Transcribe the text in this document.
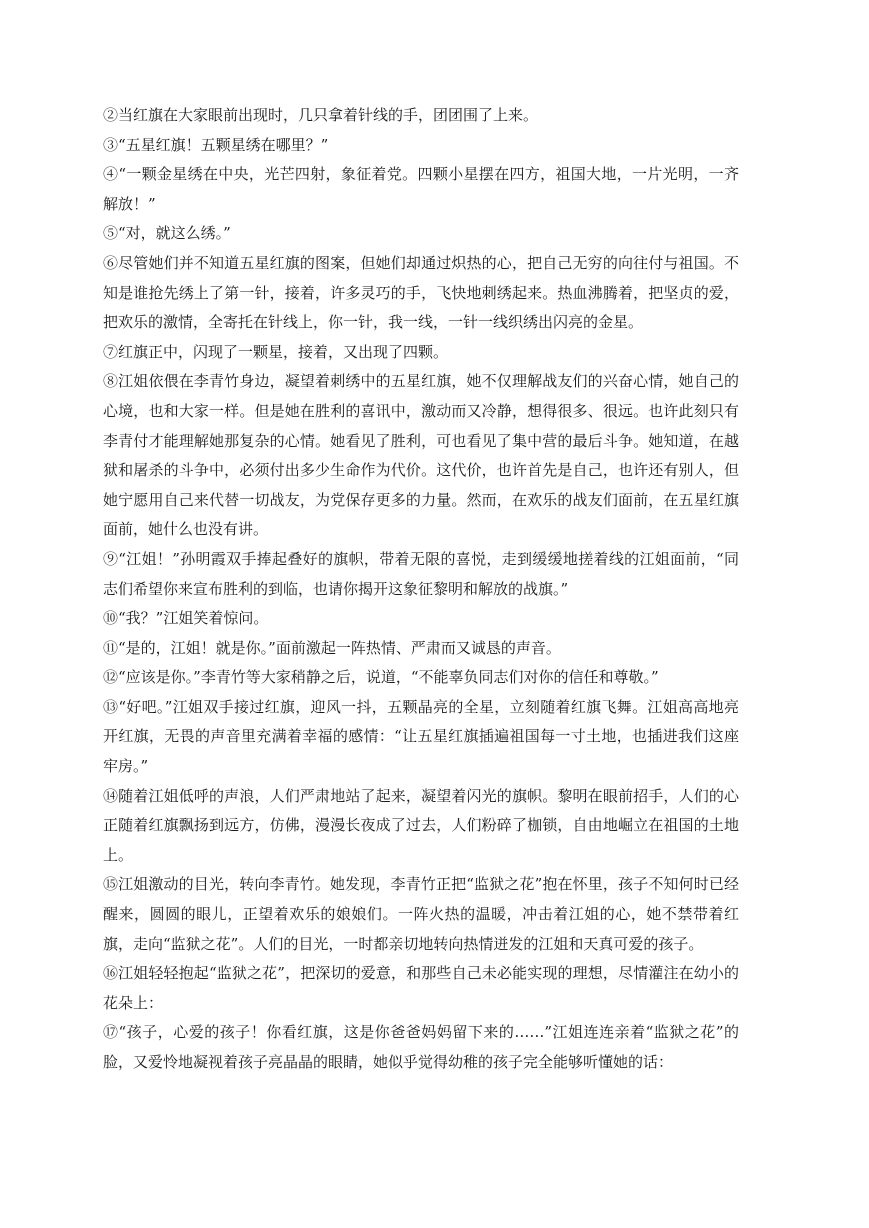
②当红旗在大家眼前出现时，几只拿着针线的手，团团围了上来。

③“五星红旗！五颗星绣在哪里？”

④“一颗金星绣在中央，光芒四射，象征着党。四颗小星摆在四方，祖国大地，一片光明，一齐解放！”

⑤“对，就这么绣。”

⑥尽管她们并不知道五星红旗的图案，但她们却通过炽热的心，把自己无穷的向往付与祖国。不知是谁抢先绣上了第一针，接着，许多灵巧的手，飞快地刺绣起来。热血沸腾着，把坚贞的爱，把欢乐的激情，全寄托在针线上，你一针，我一线，一针一线织绣出闪亮的金星。

⑦红旗正中，闪现了一颗星，接着，又出现了四颗。

⑧江姐依偎在李青竹身边，凝望着刺绣中的五星红旗，她不仅理解战友们的兴奋心情，她自己的心境，也和大家一样。但是她在胜利的喜讯中，激动而又冷静，想得很多、很远。也许此刻只有李青付才能理解她那复杂的心情。她看见了胜利，可也看见了集中营的最后斗争。她知道，在越狱和屠杀的斗争中，必须付出多少生命作为代价。这代价，也许首先是自己，也许还有别人，但她宁愿用自己来代替一切战友，为党保存更多的力量。然而，在欢乐的战友们面前，在五星红旗面前，她什么也没有讲。

⑨“江姐！”孙明霞双手捧起叠好的旗帜，带着无限的喜悦，走到缓缓地搓着线的江姐面前，“同志们希望你来宣布胜利的到临，也请你揭开这象征黎明和解放的战旗。”

⑩“我？”江姐笑着惊问。

⑪“是的，江姐！就是你。”面前激起一阵热情、严肃而又诚恳的声音。

⑫“应该是你。”李青竹等大家稍静之后，说道，“不能辜负同志们对你的信任和尊敬。”

⑬“好吧。”江姐双手接过红旗，迎风一抖，五颗晶亮的全星，立刻随着红旗飞舞。江姐高高地亮开红旗，无畏的声音里充满着幸福的感情：“让五星红旗插遍祖国每一寸土地，也插进我们这座牢房。”

⑭随着江姐低呼的声浪，人们严肃地站了起来，凝望着闪光的旗帜。黎明在眼前招手，人们的心正随着红旗飘扬到远方，仿佛，漫漫长夜成了过去，人们粉碎了枷锁，自由地崛立在祖国的土地上。

⑮江姐激动的目光，转向李青竹。她发现，李青竹正把“监狱之花”抱在怀里，孩子不知何时已经醒来，圆圆的眼儿，正望着欢乐的娘娘们。一阵火热的温暖，冲击着江姐的心，她不禁带着红旗，走向“监狱之花”。人们的目光，一时都亲切地转向热情迸发的江姐和天真可爱的孩子。

⑯江姐轻轻抱起“监狱之花”，把深切的爱意，和那些自己未必能实现的理想，尽情灌注在幼小的花朵上：

⑰“孩子，心爱的孩子！你看红旗，这是你爸爸妈妈留下来的……”江姐连连亲着“监狱之花”的脸，又爱怜地凝视着孩子亮晶晶的眼睛，她似乎觉得幼稚的孩子完全能够听懂她的话：
